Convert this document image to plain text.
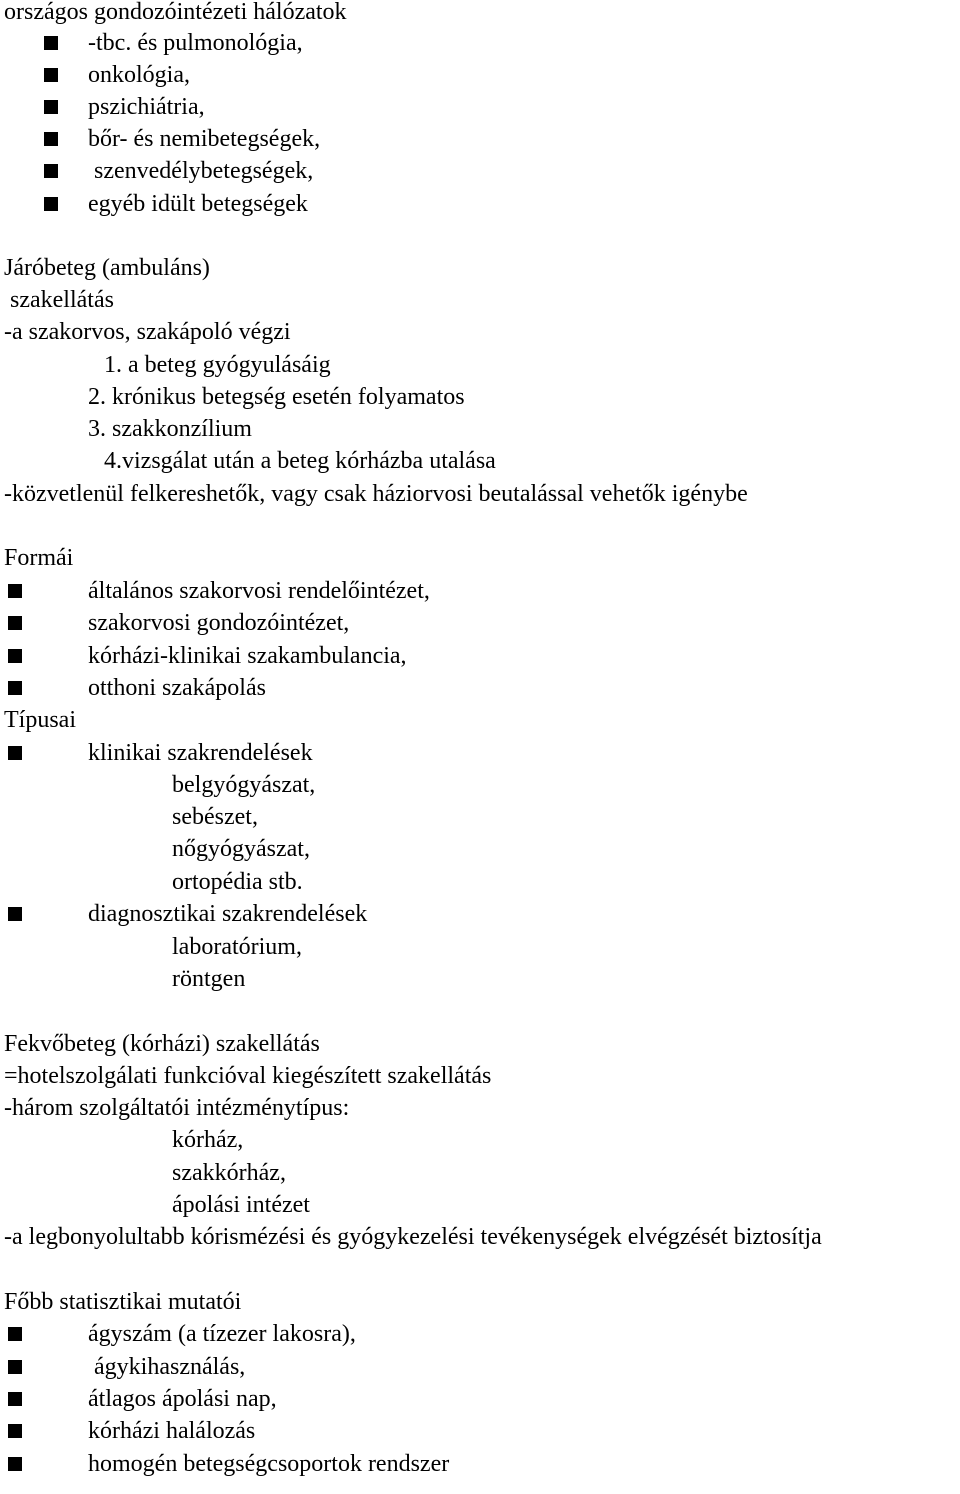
országos gondozóintézeti hálózatok
-tbc. és pulmonológia,
onkológia,
pszichiátria,
bőr- és nemibetegségek,
szenvedélybetegségek,
egyéb idült betegségek
Járóbeteg (ambuláns)
szakellátás
-a szakorvos, szakápoló végzi
1. a beteg gyógyulásáig
2. krónikus betegség esetén folyamatos
3. szakkonzílium
4.vizsgálat után a beteg kórházba utalása
-közvetlenül felkereshetők, vagy csak háziorvosi beutalással vehetők igénybe
Formái
általános szakorvosi rendelőintézet,
szakorvosi gondozóintézet,
kórházi-klinikai szakambulancia,
otthoni szakápolás
Típusai
klinikai szakrendelések
belgyógyászat,
sebészet,
nőgyógyászat,
ortopédia stb.
diagnosztikai szakrendelések
laboratórium,
röntgen
Fekvőbeteg (kórházi) szakellátás
=hotelszolgálati funkcióval kiegészített szakellátás
-három szolgáltatói intézménytípus:
kórház,
szakkórház,
ápolási intézet
-a legbonyolultabb kórismézési és gyógykezelési tevékenységek elvégzését biztosítja
Főbb statisztikai mutatói
ágyszám (a tízezer lakosra),
ágykihasználás,
átlagos ápolási nap,
kórházi halálozás
homogén betegségcsoportok rendszer
